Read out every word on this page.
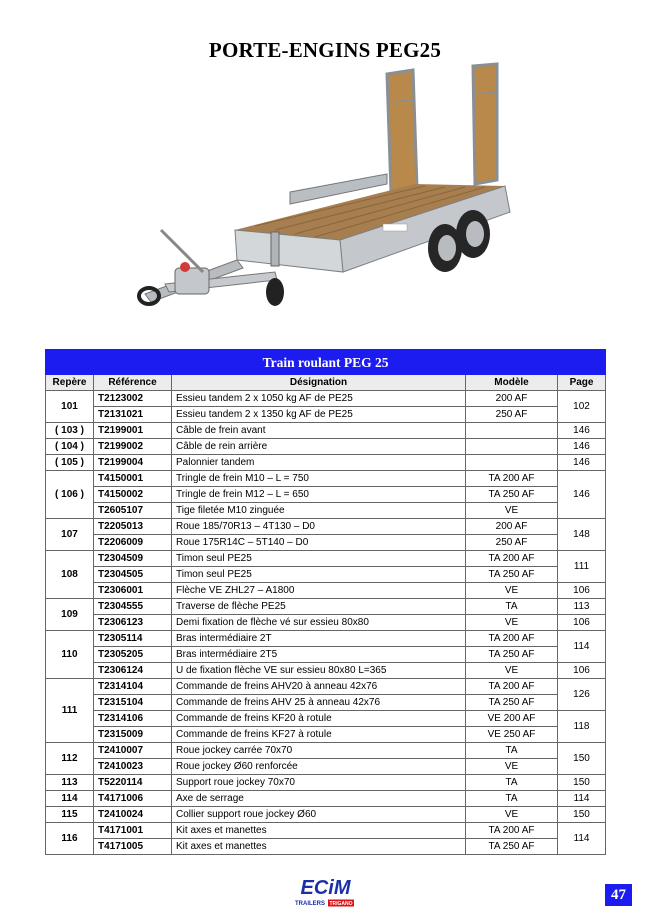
PORTE-ENGINS PEG25
Train roulant PEG 25				
Repère	Référence	Désignation	Modèle	Page
101	T2123002	Essieu tandem 2 x 1050 kg AF de PE25	200 AF	102
	T2131021	Essieu tandem 2 x 1350 kg AF de PE25	250 AF	
( 103 )	T2199001	Câble de frein avant		146
( 104 )	T2199002	Câble de rein arrière		146
( 105 )	T2199004	Palonnier tandem		146
( 106 )	T4150001	Tringle de frein M10 – L = 750	TA 200 AF	146
	T4150002	Tringle de frein M12 – L = 650	TA 250 AF	
	T2605107	Tige filetée M10 zinguée	VE	
107	T2205013	Roue 185/70R13 – 4T130 – D0	200 AF	148
	T2206009	Roue 175R14C – 5T140 – D0	250 AF	
108	T2304509	Timon seul PE25	TA 200 AF	111
	T2304505	Timon seul PE25	TA 250 AF	
	T2306001	Flèche VE ZHL27 – A1800	VE	106
109	T2304555	Traverse de flèche PE25	TA	113
	T2306123	Demi fixation de flèche vé sur essieu 80x80	VE	106
110	T2305114	Bras intermédiaire 2T	TA 200 AF	114
	T2305205	Bras intermédiaire 2T5	TA 250 AF	
	T2306124	U de fixation flèche VE sur essieu 80x80 L=365	VE	106
111	T2314104	Commande de freins AHV20 à anneau 42x76	TA 200 AF	126
	T2315104	Commande de freins AHV 25 à anneau 42x76	TA 250 AF	
	T2314106	Commande de freins KF20 à rotule	VE 200 AF	118
	T2315009	Commande de freins KF27 à rotule	VE 250 AF	
112	T2410007	Roue jockey carrée 70x70	TA	150
	T2410023	Roue jockey Ø60 renforcée	VE	
113	T5220114	Support roue jockey 70x70	TA	150
114	T4171006	Axe de serrage	TA	114
115	T2410024	Collier support roue jockey Ø60	VE	150
116	T4171001	Kit axes et manettes	TA 200 AF	114
	T4171005	Kit axes et manettes	TA 250 AF	
ECiM
TRAILERS TRIGANO
47
